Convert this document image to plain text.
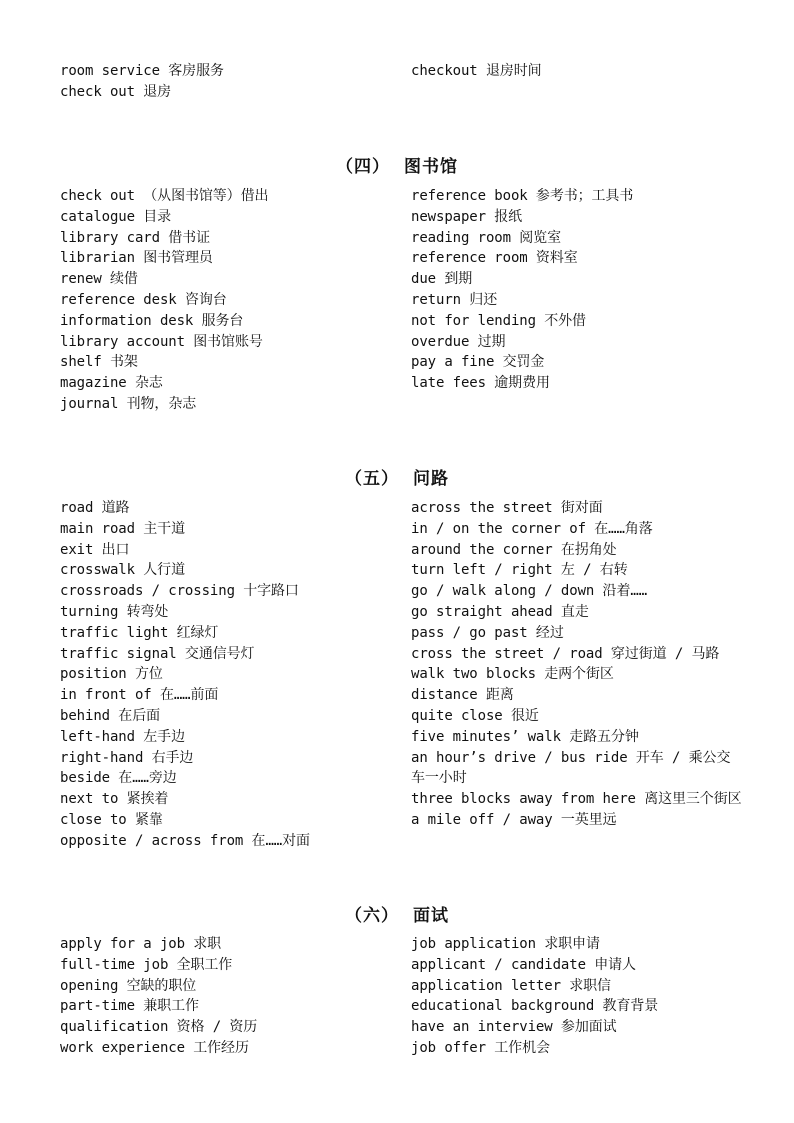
room service 客房服务
check out 退房
checkout 退房时间
（四） 图书馆
check out （从图书馆等）借出
catalogue 目录
library card 借书证
librarian 图书管理员
renew 续借
reference desk 咨询台
information desk 服务台
library account 图书馆账号
shelf 书架
magazine 杂志
journal 刊物，杂志
reference book 参考书；工具书
newspaper 报纸
reading room 阅览室
reference room 资料室
due 到期
return 归还
not for lending 不外借
overdue 过期
pay a fine 交罚金
late fees 逾期费用
（五） 问路
road 道路
main road 主干道
exit 出口
crosswalk 人行道
crossroads / crossing 十字路口
turning 转弯处
traffic light 红绿灯
traffic signal 交通信号灯
position 方位
in front of 在……前面
behind 在后面
left-hand 左手边
right-hand 右手边
beside 在……旁边
next to 紧挨着
close to 紧靠
opposite / across from 在……对面
across the street 街对面
in / on the corner of 在……角落
around the corner 在拐角处
turn left / right 左 / 右转
go / walk along / down 沿着……
go straight ahead 直走
pass / go past 经过
cross the street / road 穿过街道 / 马路
walk two blocks 走两个街区
distance 距离
quite close 很近
five minutes’ walk 走路五分钟
an hour’s drive / bus ride 开车 / 乘公交车一小时
three blocks away from here 离这里三个街区
a mile off / away 一英里远
（六） 面试
apply for a job 求职
full-time job 全职工作
opening 空缺的职位
part-time 兼职工作
qualification 资格 / 资历
work experience 工作经历
job application 求职申请
applicant / candidate 申请人
application letter 求职信
educational background 教育背景
have an interview 参加面试
job offer 工作机会
